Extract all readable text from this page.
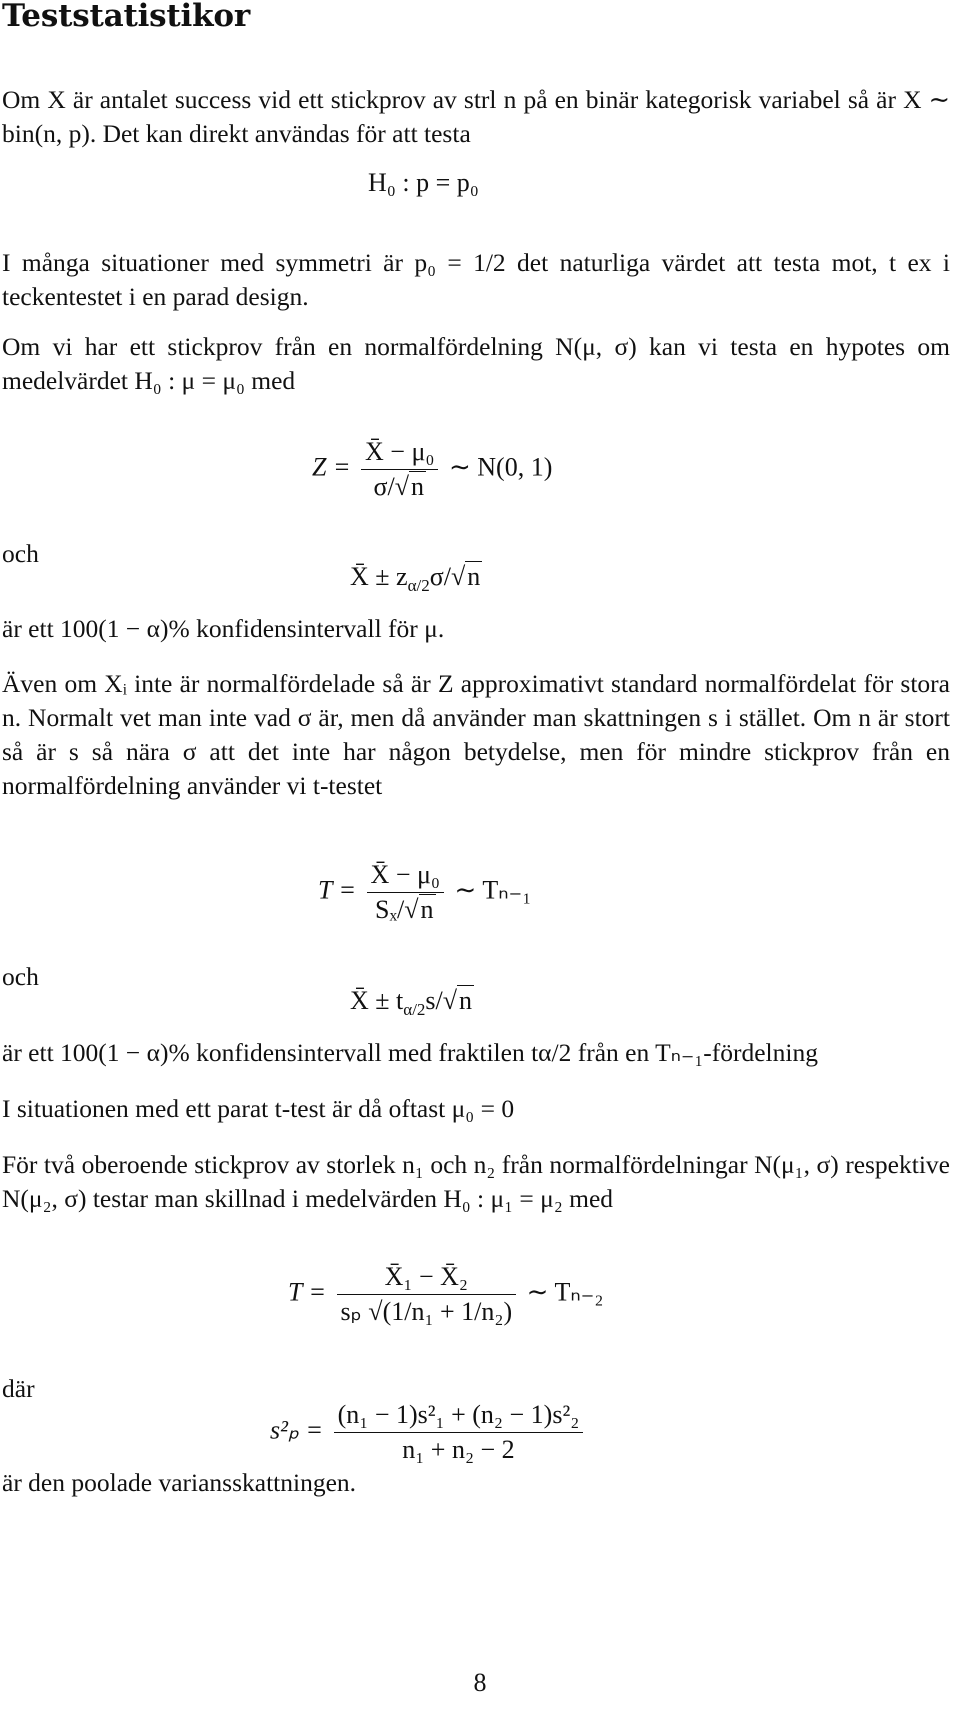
Teststatistikor
Om X är antalet success vid ett stickprov av strl n på en binär kategorisk variabel så är X ∼ bin(n, p). Det kan direkt användas för att testa
H₀ : p = p₀
I många situationer med symmetri är p₀ = 1/2 det naturliga värdet att testa mot, t ex i teckentestet i en parad design.
Om vi har ett stickprov från en normalfördelning N(μ, σ) kan vi testa en hypotes om medelvärdet H₀ : μ = μ₀ med
$Z = \frac{\text{X̄ − μ₀}}{\sigma/√n}$ ∼ N(0, 1)
och
X̄ ± $z_{\alpha/2}\sigma/√n$
är ett 100(1 − α)% konfidensintervall för μ.
Även om Xᵢ inte är normalfördelade så är Z approximativt standard normalfördelat för stora n. Normalt vet man inte vad σ är, men då använder man skattningen s i stället. Om n är stort så är s så nära σ att det inte har någon betydelse, men för mindre stickprov från en normalfördelning använder vi t-testet
$T = \frac{\text{X̄ − μ₀}}{\text{Sₓ/√n}}$ ∼ Tₙ₋₁
och
X̄ ± $t_{\alpha/2}s/√n$
är ett 100(1 − α)% konfidensintervall med fraktilen tα/2 från en Tₙ₋₁-fördelning
I situationen med ett parat t-test är då oftast μ₀ = 0
För två oberoende stickprov av storlek n₁ och n₂ från normalfördelningar N(μ₁, σ) respektive N(μ₂, σ) testar man skillnad i medelvärden H₀ : μ₁ = μ₂ med
$T = \frac{\text{X̄₁ − X̄₂}}{\text{sₚ √(1/n₁ + 1/n₂)}}$ ∼ Tₙ₋₂
där
$s^2_p = \frac{\text{(n₁ − 1)s²₁ + (n₂ − 1)s²₂}}{\text{n₁ + n₂ − 2}}$
är den poolade variansskattningen.
8
